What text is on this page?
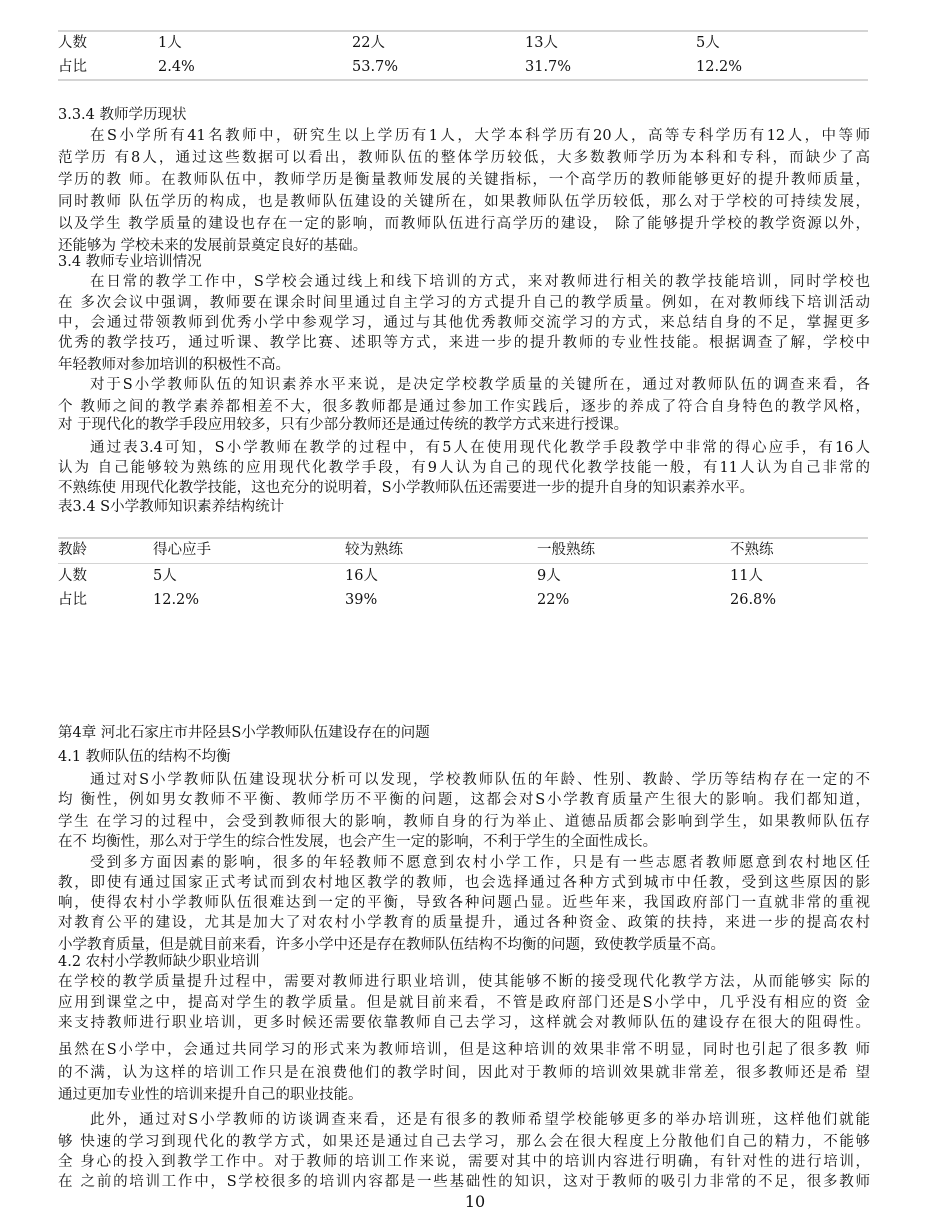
人数	1人	22人	13人	5人
占比	2.4%	53.7%	31.7%	12.2%
3.3.4 教师学历现状
在S小学所有41名教师中，研究生以上学历有1人，大学本科学历有20人，高等专科学历有12人，中等师
范学历 有8人，通过这些数据可以看出，教师队伍的整体学历较低，大多数教师学历为本科和专科，而缺少了高
学历的教 师。在教师队伍中，教师学历是衡量教师发展的关键指标，一个高学历的教师能够更好的提升教师质量，
同时教师 队伍学历的构成，也是教师队伍建设的关键所在，如果教师队伍学历较低，那么对于学校的可持续发展，
以及学生 教学质量的建设也存在一定的影响，而教师队伍进行高学历的建设， 除了能够提升学校的教学资源以外，
还能够为 学校未来的发展前景奠定良好的基础。
3.4 教师专业培训情况
在日常的教学工作中，S学校会通过线上和线下培训的方式，来对教师进行相关的教学技能培训，同时学校也
在 多次会议中强调，教师要在课余时间里通过自主学习的方式提升自己的教学质量。例如，在对教师线下培训活动
中，会通过带领教师到优秀小学中参观学习，通过与其他优秀教师交流学习的方式，来总结自身的不足，掌握更多
优秀的教学技巧，通过听课、教学比赛、述职等方式，来进一步的提升教师的专业性技能。根据调查了解，学校中
年轻教师对参加培训的积极性不高。
对于S小学教师队伍的知识素养水平来说，是决定学校教学质量的关键所在，通过对教师队伍的调查来看，各
个 教师之间的教学素养都相差不大，很多教师都是通过参加工作实践后，逐步的养成了符合自身特色的教学风格，
对 于现代化的教学手段应用较多，只有少部分教师还是通过传统的教学方式来进行授课。
通过表3.4可知，S小学教师在教学的过程中，有5人在使用现代化教学手段教学中非常的得心应手，有16人
认为 自己能够较为熟练的应用现代化教学手段，有9人认为自己的现代化教学技能一般，有11人认为自己非常的
不熟练使 用现代化教学技能，这也充分的说明着，S小学教师队伍还需要进一步的提升自身的知识素养水平。
表3.4 S小学教师知识素养结构统计
教龄	得心应手	较为熟练	一般熟练	不熟练
人数	5人	16人	9人	11人
占比	12.2%	39%	22%	26.8%
第4章 河北石家庄市井陉县S小学教师队伍建设存在的问题
4.1 教师队伍的结构不均衡
通过对S小学教师队伍建设现状分析可以发现，学校教师队伍的年龄、性别、教龄、学历等结构存在一定的不
均 衡性，例如男女教师不平衡、教师学历不平衡的问题，这都会对S小学教育质量产生很大的影响。我们都知道，
学生 在学习的过程中，会受到教师很大的影响，教师自身的行为举止、道德品质都会影响到学生，如果教师队伍存
在不 均衡性，那么对于学生的综合性发展，也会产生一定的影响，不利于学生的全面性成长。
受到多方面因素的影响，很多的年轻教师不愿意到农村小学工作，只是有一些志愿者教师愿意到农村地区任
教，即使有通过国家正式考试而到农村地区教学的教师，也会选择通过各种方式到城市中任教，受到这些原因的影
响，使得农村小学教师队伍很难达到一定的平衡，导致各种问题凸显。近些年来，我国政府部门一直就非常的重视
对教育公平的建设，尤其是加大了对农村小学教育的质量提升，通过各种资金、政策的扶持，来进一步的提高农村
小学教育质量，但是就目前来看，许多小学中还是存在教师队伍结构不均衡的问题，致使教学质量不高。
4.2 农村小学教师缺少职业培训
在学校的教学质量提升过程中，需要对教师进行职业培训，使其能够不断的接受现代化教学方法，从而能够实 际的
应用到课堂之中，提高对学生的教学质量。但是就目前来看，不管是政府部门还是S小学中，几乎没有相应的资 金
来支持教师进行职业培训，更多时候还需要依靠教师自己去学习，这样就会对教师队伍的建设存在很大的阻碍性。
虽然在S小学中，会通过共同学习的形式来为教师培训，但是这种培训的效果非常不明显，同时也引起了很多教 师
的不满，认为这样的培训工作只是在浪费他们的教学时间，因此对于教师的培训效果就非常差，很多教师还是希 望
通过更加专业性的培训来提升自己的职业技能。
此外，通过对S小学教师的访谈调查来看，还是有很多的教师希望学校能够更多的举办培训班，这样他们就能
够 快速的学习到现代化的教学方式，如果还是通过自己去学习，那么会在很大程度上分散他们自己的精力，不能够
全 身心的投入到教学工作中。对于教师的培训工作来说，需要对其中的培训内容进行明确，有针对性的进行培训，
在 之前的培训工作中，S学校很多的培训内容都是一些基础性的知识，这对于教师的吸引力非常的不足，很多教师
10
